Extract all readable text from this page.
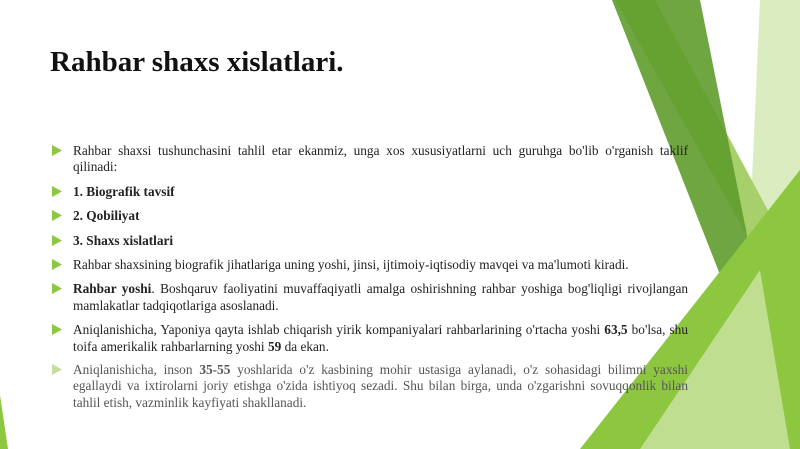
Rahbar shaxs xislatlari.
Rahbar shaxsi tushunchasini tahlil etar ekanmiz, unga xos xususiyatlarni uch guruhga bo'lib o'rganish taklif qilinadi:
1. Biografik tavsif
2. Qobiliyat
3. Shaxs xislatlari
Rahbar shaxsining biografik jihatlariga uning yoshi, jinsi, ijtimoiy-iqtisodiy mavqei va ma'lumoti kiradi.
Rahbar yoshi. Boshqaruv faoliyatini muvaffaqiyatli amalga oshirishning rahbar yoshiga bog'liqligi rivojlangan mamlakatlar tadqiqotlariga asoslanadi.
Aniqlanishicha, Yaponiya qayta ishlab chiqarish yirik kompaniyalari rahbarlarining o'rtacha yoshi 63,5 bo'lsa, shu toifa amerikalik rahbarlarning yoshi 59 da ekan.
Aniqlanishicha, inson 35-55 yoshlarida o'z kasbining mohir ustasiga aylanadi, o'z sohasidagi bilimni yaxshi egallaydi va ixtirolarni joriy etishga o'zida ishtiyoq sezadi. Shu bilan birga, unda o'zgarishni sovuqqonlik bilan tahlil etish, vazminlik kayfiyati shakllanadi.
